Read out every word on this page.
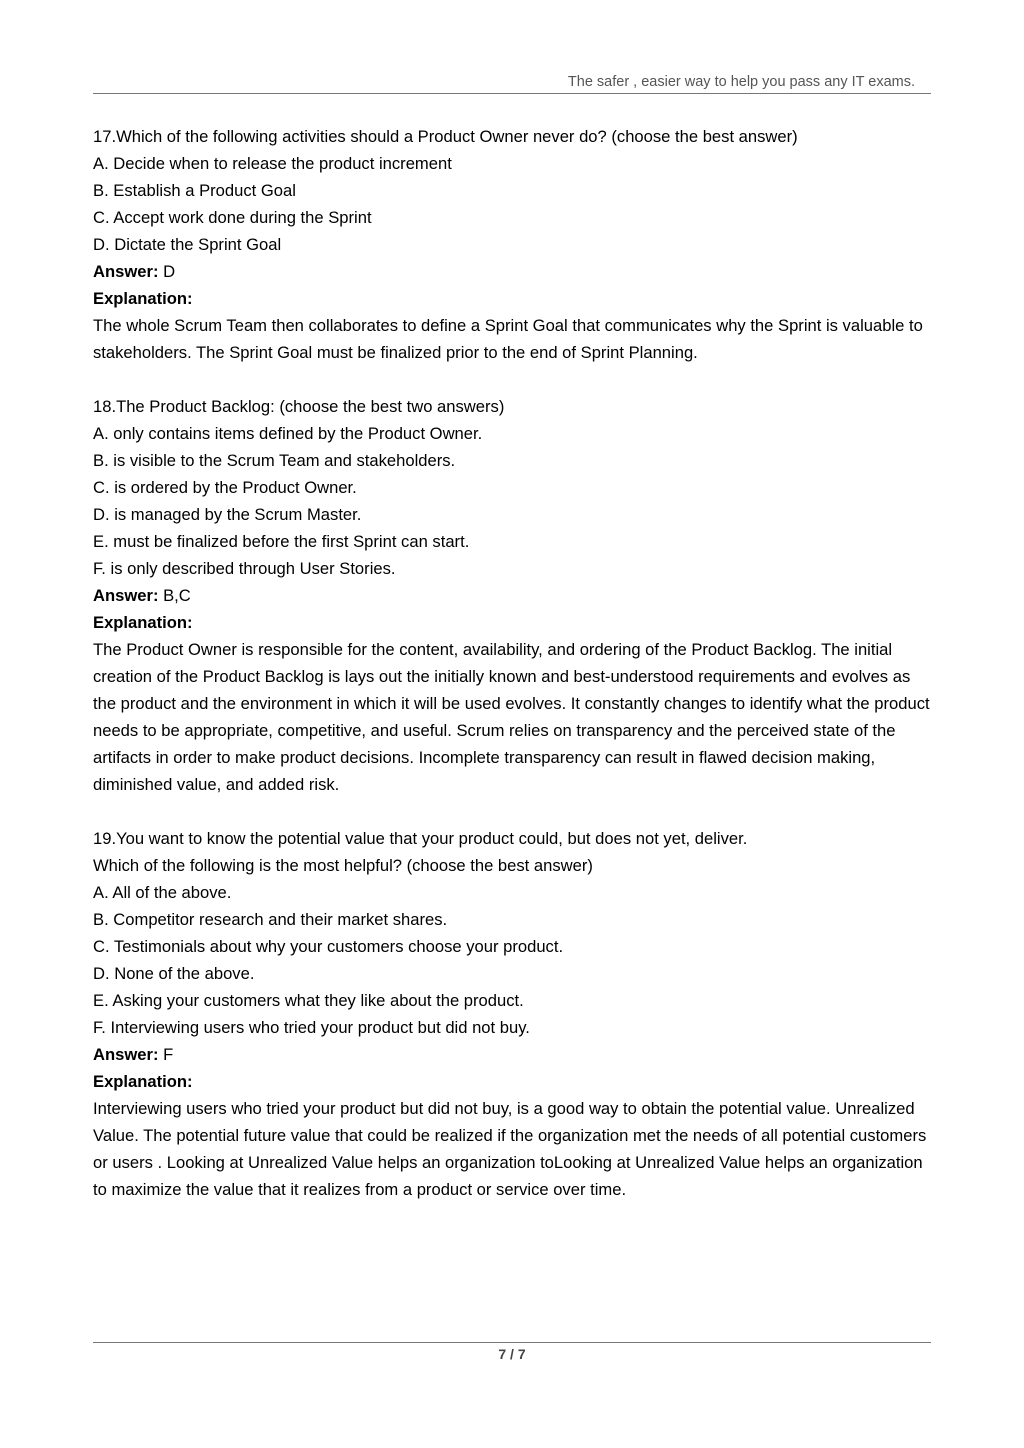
The safer , easier way to help you pass any IT exams.
17.Which of the following activities should a Product Owner never do? (choose the best answer)
A. Decide when to release the product increment
B. Establish a Product Goal
C. Accept work done during the Sprint
D. Dictate the Sprint Goal
Answer: D
Explanation:
The whole Scrum Team then collaborates to define a Sprint Goal that communicates why the Sprint is valuable to stakeholders. The Sprint Goal must be finalized prior to the end of Sprint Planning.
18.The Product Backlog: (choose the best two answers)
A. only contains items defined by the Product Owner.
B. is visible to the Scrum Team and stakeholders.
C. is ordered by the Product Owner.
D. is managed by the Scrum Master.
E. must be finalized before the first Sprint can start.
F. is only described through User Stories.
Answer: B,C
Explanation:
The Product Owner is responsible for the content, availability, and ordering of the Product Backlog. The initial creation of the Product Backlog is lays out the initially known and best-understood requirements and evolves as the product and the environment in which it will be used evolves. It constantly changes to identify what the product needs to be appropriate, competitive, and useful. Scrum relies on transparency and the perceived state of the artifacts in order to make product decisions. Incomplete transparency can result in flawed decision making, diminished value, and added risk.
19.You want to know the potential value that your product could, but does not yet, deliver.
Which of the following is the most helpful? (choose the best answer)
A. All of the above.
B. Competitor research and their market shares.
C. Testimonials about why your customers choose your product.
D. None of the above.
E. Asking your customers what they like about the product.
F. Interviewing users who tried your product but did not buy.
Answer: F
Explanation:
Interviewing users who tried your product but did not buy, is a good way to obtain the potential value. Unrealized Value. The potential future value that could be realized if the organization met the needs of all potential customers or users . Looking at Unrealized Value helps an organization toLooking at Unrealized Value helps an organization to maximize the value that it realizes from a product or service over time.
7 / 7
